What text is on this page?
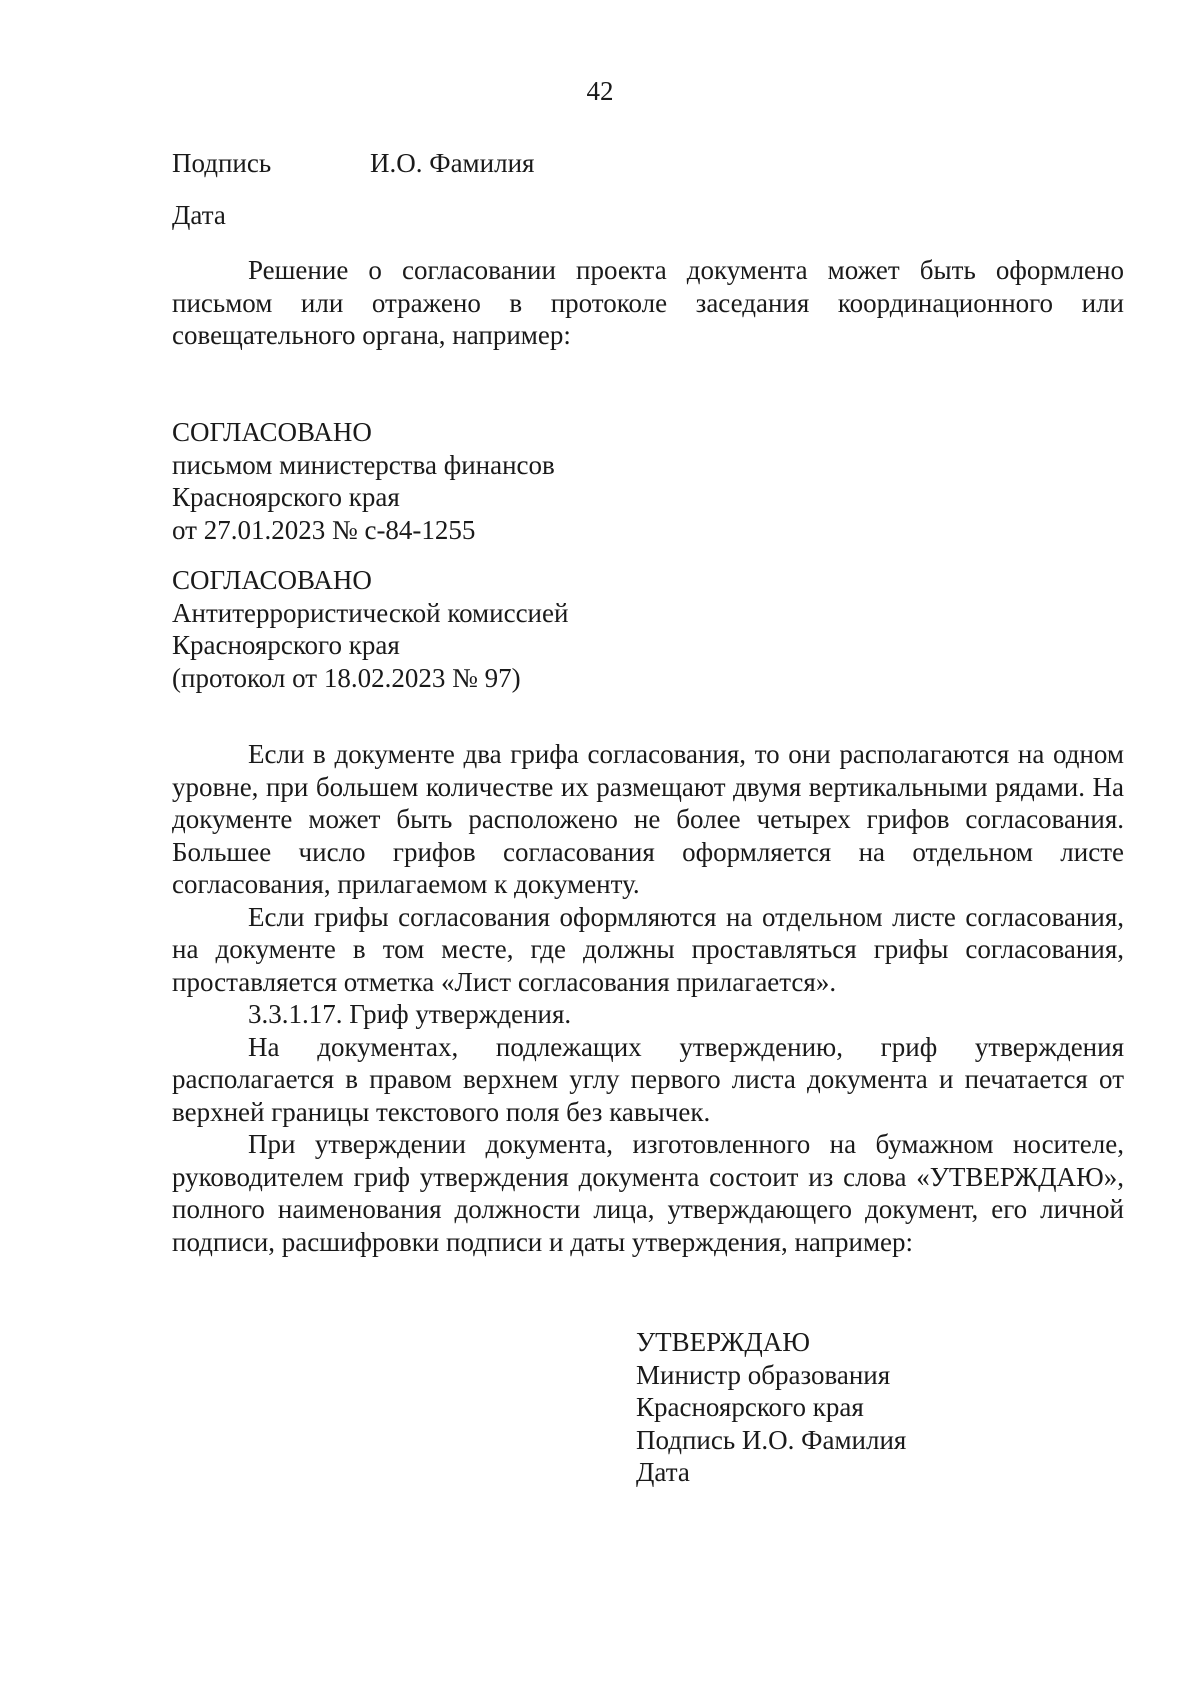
42
Подпись	И.О. Фамилия
Дата

Решение о согласовании проекта документа может быть оформлено письмом или отражено в протоколе заседания координационного или совещательного органа, например:

СОГЛАСОВАНО
письмом министерства финансов
Красноярского края
от 27.01.2023 № с-84-1255
СОГЛАСОВАНО
Антитеррористической комиссией
Красноярского края
(протокол от 18.02.2023 № 97)

Если в документе два грифа согласования, то они располагаются на одном уровне, при большем количестве их размещают двумя вертикальными рядами. На документе может быть расположено не более четырех грифов согласования. Большее число грифов согласования оформляется на отдельном листе согласования, прилагаемом к документу.

Если грифы согласования оформляются на отдельном листе согласования, на документе в том месте, где должны проставляться грифы согласования, проставляется отметка «Лист согласования прилагается».

3.3.1.17. Гриф утверждения.

На документах, подлежащих утверждению, гриф утверждения располагается в правом верхнем углу первого листа документа и печатается от верхней границы текстового поля без кавычек.

При утверждении документа, изготовленного на бумажном носителе, руководителем гриф утверждения документа состоит из слова «УТВЕРЖДАЮ», полного наименования должности лица, утверждающего документ, его личной подписи, расшифровки подписи и даты утверждения, например:

УТВЕРЖДАЮ
Министр образования
Красноярского края
Подпись И.О. Фамилия
Дата
